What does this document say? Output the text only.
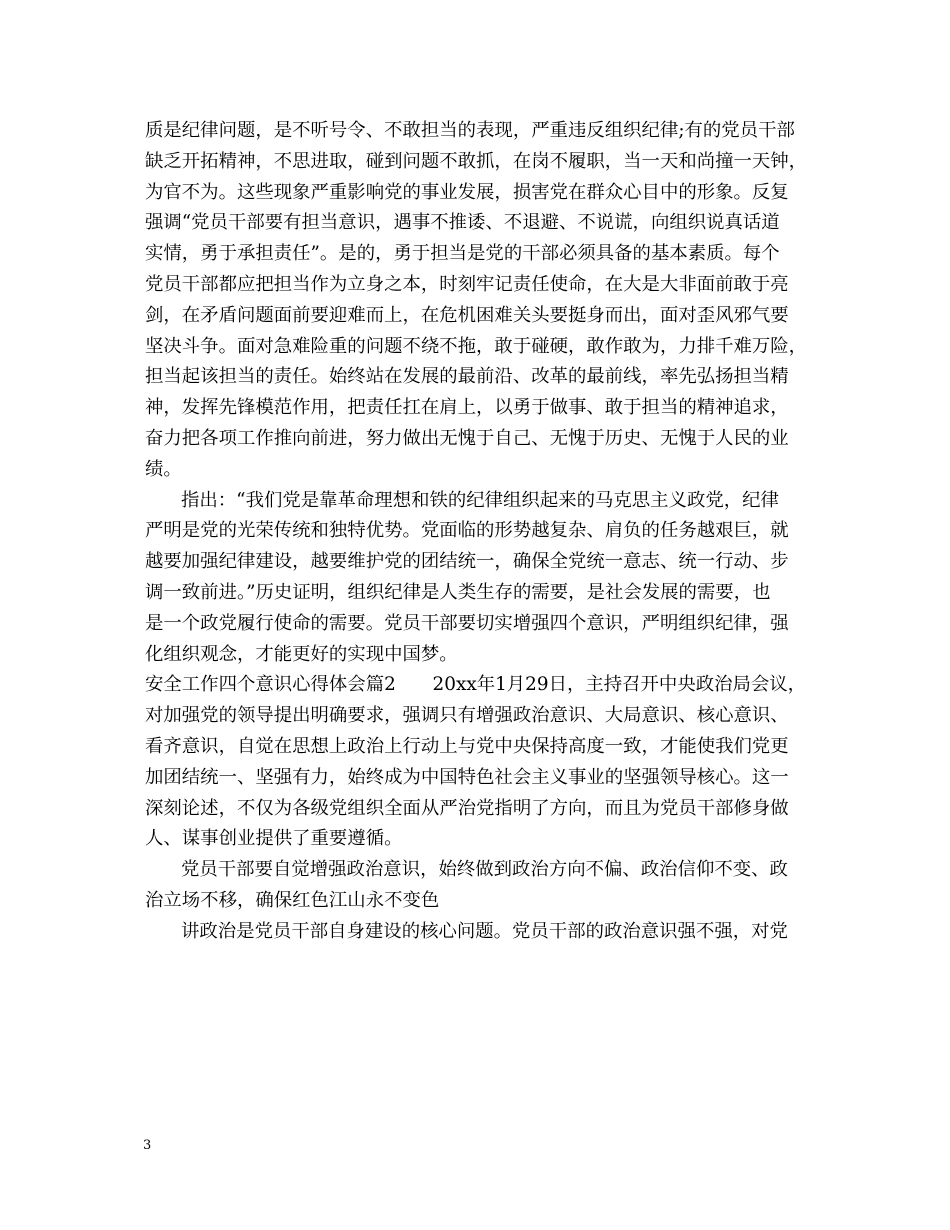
质是纪律问题，是不听号令、不敢担当的表现，严重违反组织纪律;有的党员干部
缺乏开拓精神，不思进取，碰到问题不敢抓，在岗不履职，当一天和尚撞一天钟，
为官不为。这些现象严重影响党的事业发展，损害党在群众心目中的形象。反复
强调“党员干部要有担当意识，遇事不推诿、不退避、不说谎，向组织说真话道
实情，勇于承担责任”。是的，勇于担当是党的干部必须具备的基本素质。每个
党员干部都应把担当作为立身之本，时刻牢记责任使命，在大是大非面前敢于亮
剑，在矛盾问题面前要迎难而上，在危机困难关头要挺身而出，面对歪风邪气要
坚决斗争。面对急难险重的问题不绕不拖，敢于碰硬，敢作敢为，力排千难万险，
担当起该担当的责任。始终站在发展的最前沿、改革的最前线，率先弘扬担当精
神，发挥先锋模范作用，把责任扛在肩上，以勇于做事、敢于担当的精神追求，
奋力把各项工作推向前进，努力做出无愧于自己、无愧于历史、无愧于人民的业
绩。
指出：“我们党是靠革命理想和铁的纪律组织起来的马克思主义政党，纪律
严明是党的光荣传统和独特优势。党面临的形势越复杂、肩负的任务越艰巨，就
越要加强纪律建设，越要维护党的团结统一，确保全党统一意志、统一行动、步
调一致前进。”历史证明，组织纪律是人类生存的需要，是社会发展的需要，也
是一个政党履行使命的需要。党员干部要切实增强四个意识，严明组织纪律，强
化组织观念，才能更好的实现中国梦。
安全工作四个意识心得体会篇2　　20xx年1月29日，主持召开中央政治局会议，
对加强党的领导提出明确要求，强调只有增强政治意识、大局意识、核心意识、
看齐意识，自觉在思想上政治上行动上与党中央保持高度一致，才能使我们党更
加团结统一、坚强有力，始终成为中国特色社会主义事业的坚强领导核心。这一
深刻论述，不仅为各级党组织全面从严治党指明了方向，而且为党员干部修身做
人、谋事创业提供了重要遵循。
党员干部要自觉增强政治意识，始终做到政治方向不偏、政治信仰不变、政
治立场不移，确保红色江山永不变色
讲政治是党员干部自身建设的核心问题。党员干部的政治意识强不强，对党
3
